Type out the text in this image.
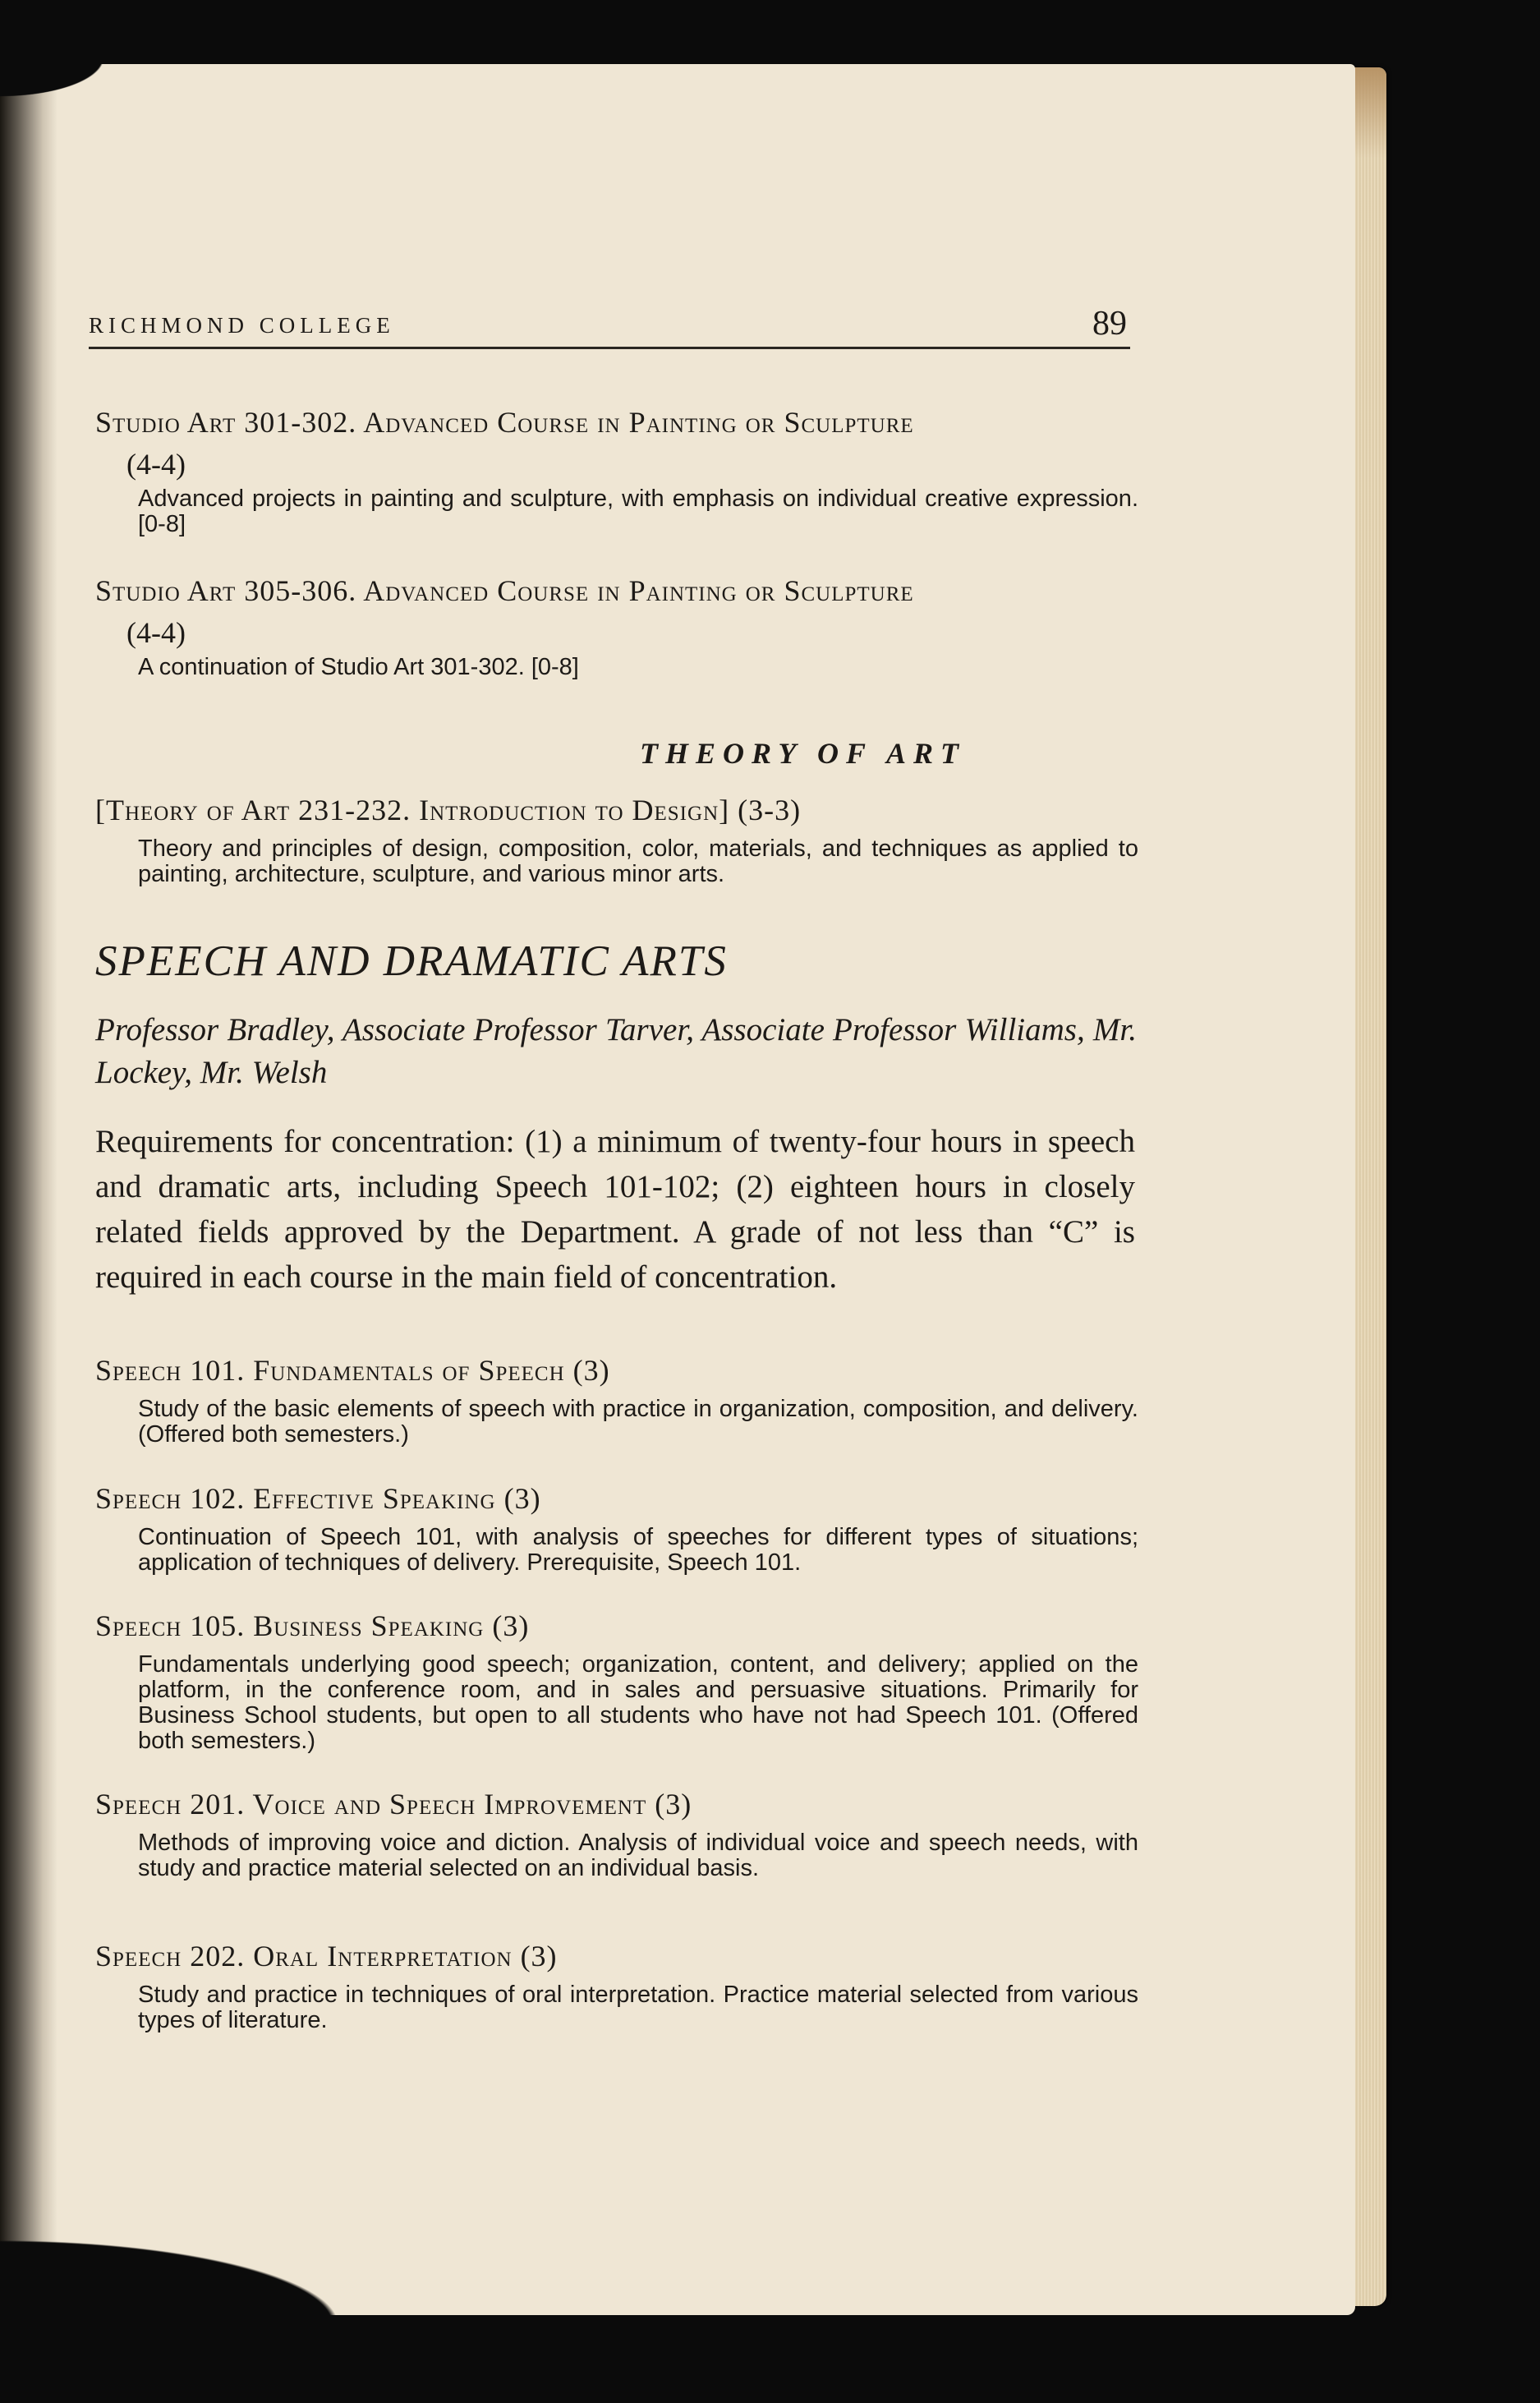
RICHMOND COLLEGE	89
Studio Art 301-302. Advanced Course in Painting or Sculpture
(4-4)
Advanced projects in painting and sculpture, with emphasis on individual creative expression. [0-8]
Studio Art 305-306. Advanced Course in Painting or Sculpture
(4-4)
A continuation of Studio Art 301-302. [0-8]
THEORY OF ART
[Theory of Art 231-232. Introduction to Design] (3-3)
Theory and principles of design, composition, color, materials, and techniques as applied to painting, architecture, sculpture, and various minor arts.
SPEECH AND DRAMATIC ARTS
Professor Bradley, Associate Professor Tarver, Associate Professor Williams, Mr. Lockey, Mr. Welsh
Requirements for concentration: (1) a minimum of twenty-four hours in speech and dramatic arts, including Speech 101-102; (2) eighteen hours in closely related fields approved by the Department. A grade of not less than “C” is required in each course in the main field of concentration.
Speech 101. Fundamentals of Speech (3)
Study of the basic elements of speech with practice in organization, composition, and delivery. (Offered both semesters.)
Speech 102. Effective Speaking (3)
Continuation of Speech 101, with analysis of speeches for different types of situations; application of techniques of delivery. Prerequisite, Speech 101.
Speech 105. Business Speaking (3)
Fundamentals underlying good speech; organization, content, and delivery; applied on the platform, in the conference room, and in sales and persuasive situations. Primarily for Business School students, but open to all students who have not had Speech 101. (Offered both semesters.)
Speech 201. Voice and Speech Improvement (3)
Methods of improving voice and diction. Analysis of individual voice and speech needs, with study and practice material selected on an individual basis.
Speech 202. Oral Interpretation (3)
Study and practice in techniques of oral interpretation. Practice material selected from various types of literature.
